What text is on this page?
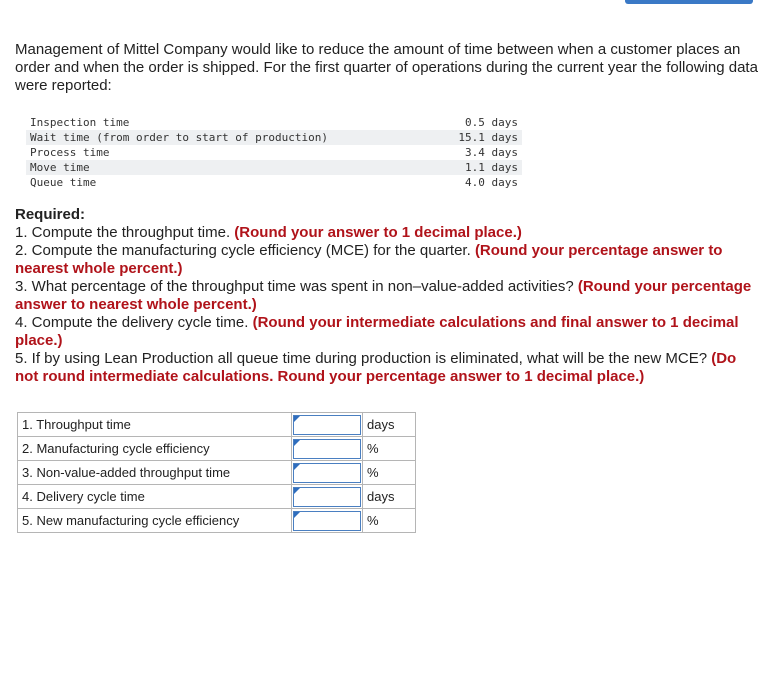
Management of Mittel Company would like to reduce the amount of time between when a customer places an order and when the order is shipped. For the first quarter of operations during the current year the following data were reported:

Inspection time	0.5 days
Wait time (from order to start of production)	15.1 days
Process time	3.4 days
Move time	1.1 days
Queue time	4.0 days

Required:

1. Compute the throughput time. (Round your answer to 1 decimal place.)

2. Compute the manufacturing cycle efficiency (MCE) for the quarter. (Round your percentage answer to nearest whole percent.)

3. What percentage of the throughput time was spent in non–value-added activities? (Round your percentage answer to nearest whole percent.)

4. Compute the delivery cycle time. (Round your intermediate calculations and final answer to 1 decimal place.)

5. If by using Lean Production all queue time during production is eliminated, what will be the new MCE? (Do not round intermediate calculations. Round your percentage answer to 1 decimal place.)

1. Throughput time		days
2. Manufacturing cycle efficiency		%
3. Non-value-added throughput time		%
4. Delivery cycle time		days
5. New manufacturing cycle efficiency		%
